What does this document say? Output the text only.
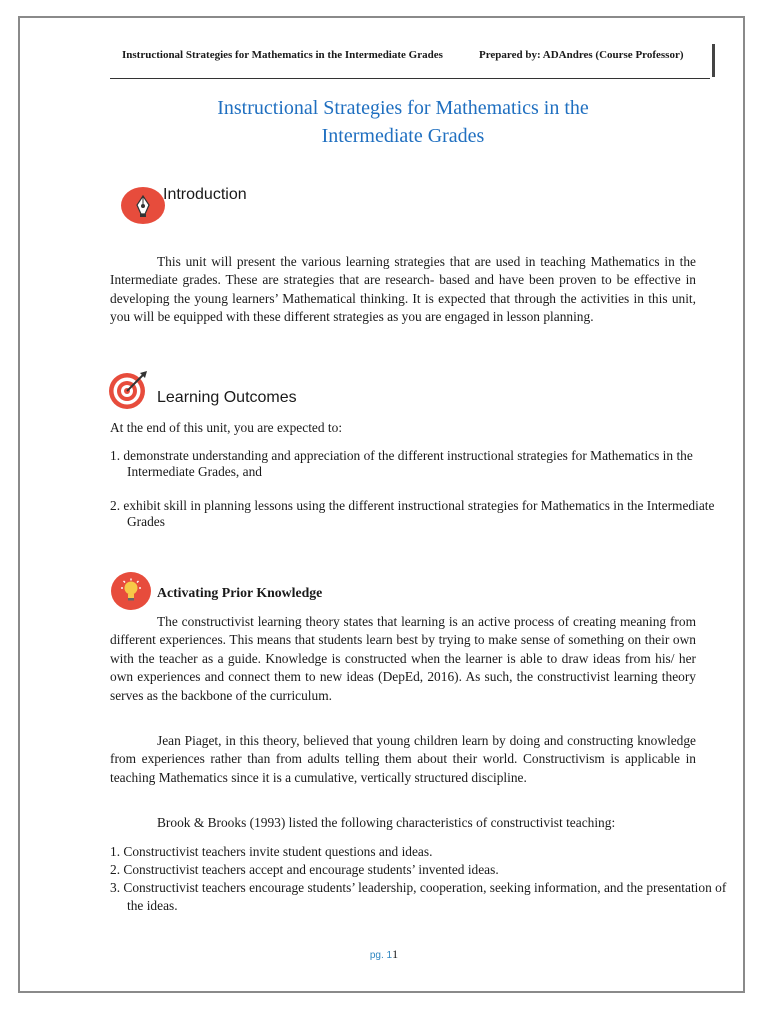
Instructional Strategies for Mathematics in the Intermediate Grades	Prepared by: ADAndres (Course Professor)
Instructional Strategies for Mathematics in the
Intermediate Grades
Introduction
This unit will present the various learning strategies that are used in teaching Mathematics in the Intermediate grades. These are strategies that are research- based and have been proven to be effective in developing the young learners’ Mathematical thinking. It is expected that through the activities in this unit, you will be equipped with these different strategies as you are engaged in lesson planning.
Learning Outcomes
At the end of this unit, you are expected to:
1. demonstrate understanding and appreciation of the different instructional strategies for Mathematics in the Intermediate Grades, and
2. exhibit skill in planning lessons using the different instructional strategies for Mathematics in the Intermediate Grades
Activating Prior Knowledge
The constructivist learning theory states that learning is an active process of creating meaning from different experiences. This means that students learn best by trying to make sense of something on their own with the teacher as a guide. Knowledge is constructed when the learner is able to draw ideas from his/ her own experiences and connect them to new ideas (DepEd, 2016). As such, the constructivist learning theory serves as the backbone of the curriculum.
Jean Piaget, in this theory, believed that young children learn by doing and constructing knowledge from experiences rather than from adults telling them about their world. Constructivism is applicable in teaching Mathematics since it is a cumulative, vertically structured discipline.
Brook & Brooks (1993) listed the following characteristics of constructivist teaching:
1. Constructivist teachers invite student questions and ideas.
2. Constructivist teachers accept and encourage students’ invented ideas.
3. Constructivist teachers encourage students’ leadership, cooperation, seeking information, and the presentation of the ideas.
pg. 11
